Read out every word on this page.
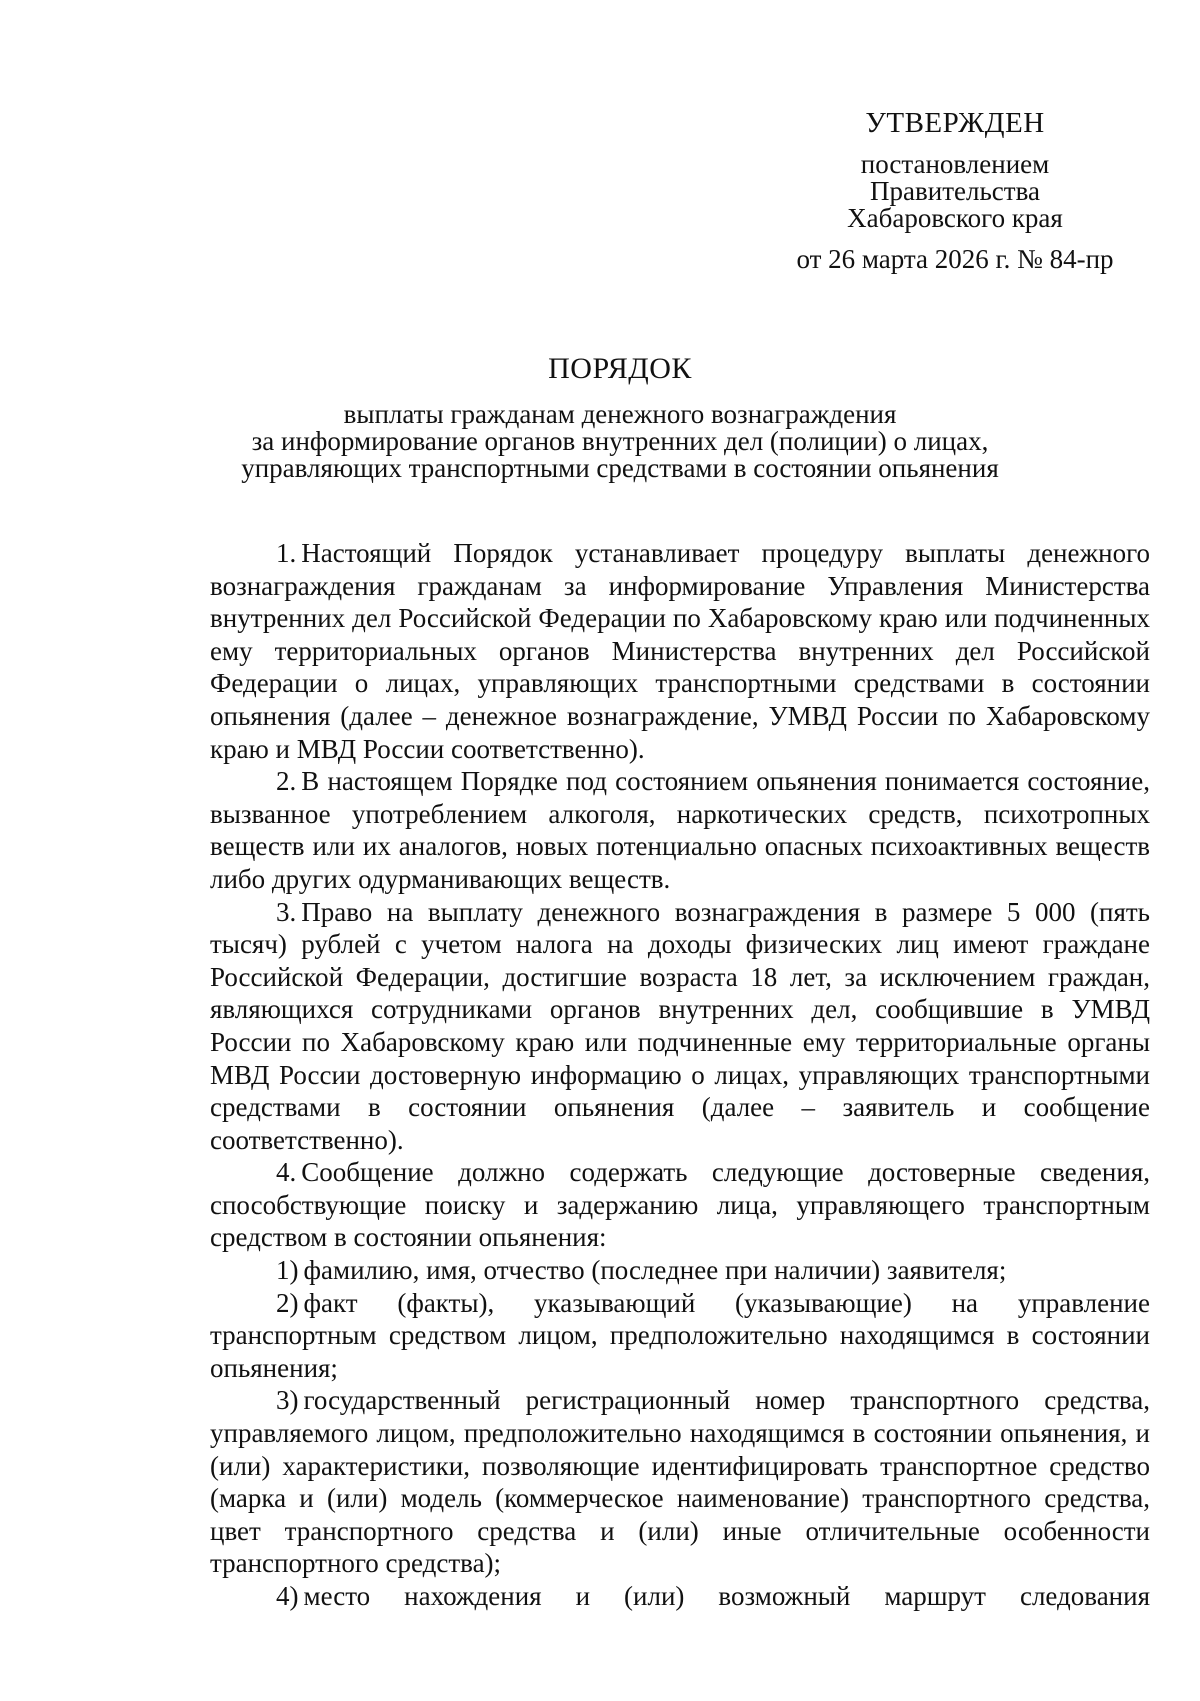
УТВЕРЖДЕН
постановлением
Правительства
Хабаровского края
от 26 марта 2026 г. № 84-пр
ПОРЯДОК
выплаты гражданам денежного вознаграждения
за информирование органов внутренних дел (полиции) о лицах,
управляющих транспортными средствами в состоянии опьянения

1. Настоящий Порядок устанавливает процедуру выплаты денежного вознаграждения гражданам за информирование Управления Министерства внутренних дел Российской Федерации по Хабаровскому краю или подчиненных ему территориальных органов Министерства внутренних дел Российской Федерации о лицах, управляющих транспортными средствами в состоянии опьянения (далее – денежное вознаграждение, УМВД России по Хабаровскому краю и МВД России соответственно).

2. В настоящем Порядке под состоянием опьянения понимается состояние, вызванное употреблением алкоголя, наркотических средств, психотропных веществ или их аналогов, новых потенциально опасных психоактивных веществ либо других одурманивающих веществ.

3. Право на выплату денежного вознаграждения в размере 5 000 (пять тысяч) рублей с учетом налога на доходы физических лиц имеют граждане Российской Федерации, достигшие возраста 18 лет, за исключением граждан, являющихся сотрудниками органов внутренних дел, сообщившие в УМВД России по Хабаровскому краю или подчиненные ему территориальные органы МВД России достоверную информацию о лицах, управляющих транспортными средствами в состоянии опьянения (далее – заявитель и сообщение соответственно).

4. Сообщение должно содержать следующие достоверные сведения, способствующие поиску и задержанию лица, управляющего транспортным средством в состоянии опьянения:

1) фамилию, имя, отчество (последнее при наличии) заявителя;

2) факт (факты), указывающий (указывающие) на управление транспортным средством лицом, предположительно находящимся в состоянии опьянения;

3) государственный регистрационный номер транспортного средства, управляемого лицом, предположительно находящимся в состоянии опьянения, и (или) характеристики, позволяющие идентифицировать транспортное средство (марка и (или) модель (коммерческое наименование) транспортного средства, цвет транспортного средства и (или) иные отличительные особенности транспортного средства);

4) место нахождения и (или) возможный маршрут следования
